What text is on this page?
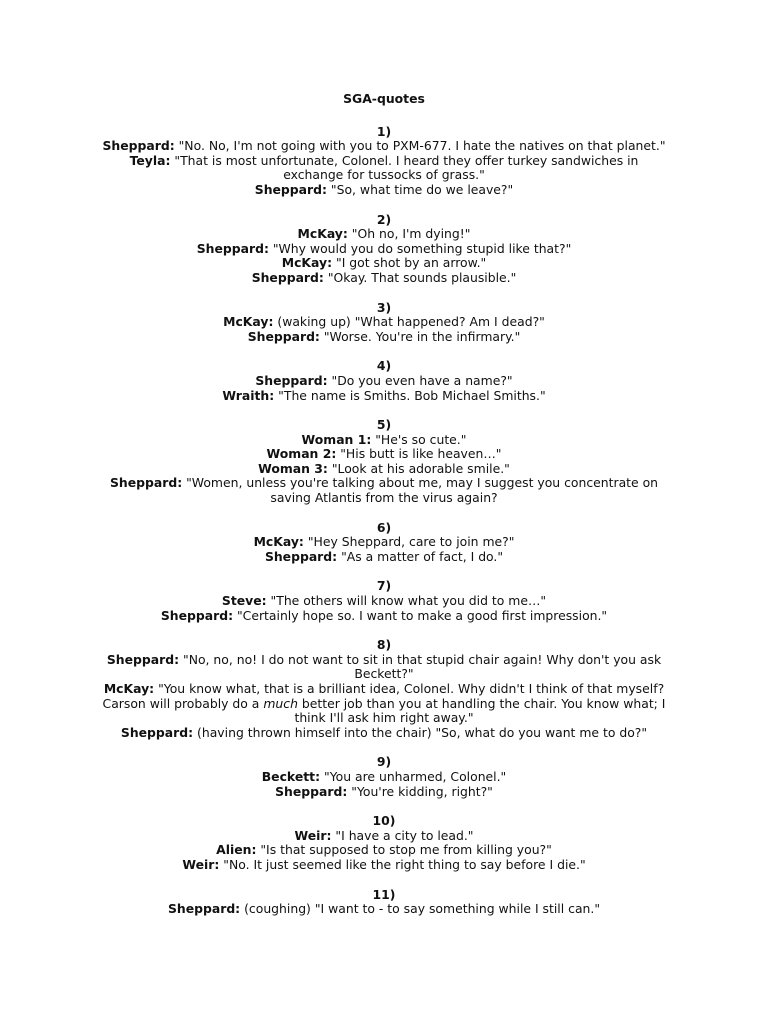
SGA-quotes
1)
Sheppard: "No. No, I'm not going with you to PXM-677. I hate the natives on that planet."
Teyla: "That is most unfortunate, Colonel. I heard they offer turkey sandwiches in exchange for tussocks of grass."
Sheppard: "So, what time do we leave?"
2)
McKay: "Oh no, I'm dying!"
Sheppard: "Why would you do something stupid like that?"
McKay: "I got shot by an arrow."
Sheppard: "Okay. That sounds plausible."
3)
McKay: (waking up) "What happened? Am I dead?"
Sheppard: "Worse. You're in the infirmary."
4)
Sheppard: "Do you even have a name?"
Wraith: "The name is Smiths. Bob Michael Smiths."
5)
Woman 1: "He's so cute."
Woman 2: "His butt is like heaven…"
Woman 3: "Look at his adorable smile."
Sheppard: "Women, unless you're talking about me, may I suggest you concentrate on saving Atlantis from the virus again?
6)
McKay: "Hey Sheppard, care to join me?"
Sheppard: "As a matter of fact, I do."
7)
Steve: "The others will know what you did to me…"
Sheppard: "Certainly hope so. I want to make a good first impression."
8)
Sheppard: "No, no, no! I do not want to sit in that stupid chair again! Why don't you ask Beckett?"
McKay: "You know what, that is a brilliant idea, Colonel. Why didn't I think of that myself? Carson will probably do a much better job than you at handling the chair. You know what; I think I'll ask him right away."
Sheppard: (having thrown himself into the chair) "So, what do you want me to do?"
9)
Beckett: "You are unharmed, Colonel."
Sheppard: "You're kidding, right?"
10)
Weir: "I have a city to lead."
Alien: "Is that supposed to stop me from killing you?"
Weir: "No. It just seemed like the right thing to say before I die."
11)
Sheppard: (coughing) "I want to - to say something while I still can."
